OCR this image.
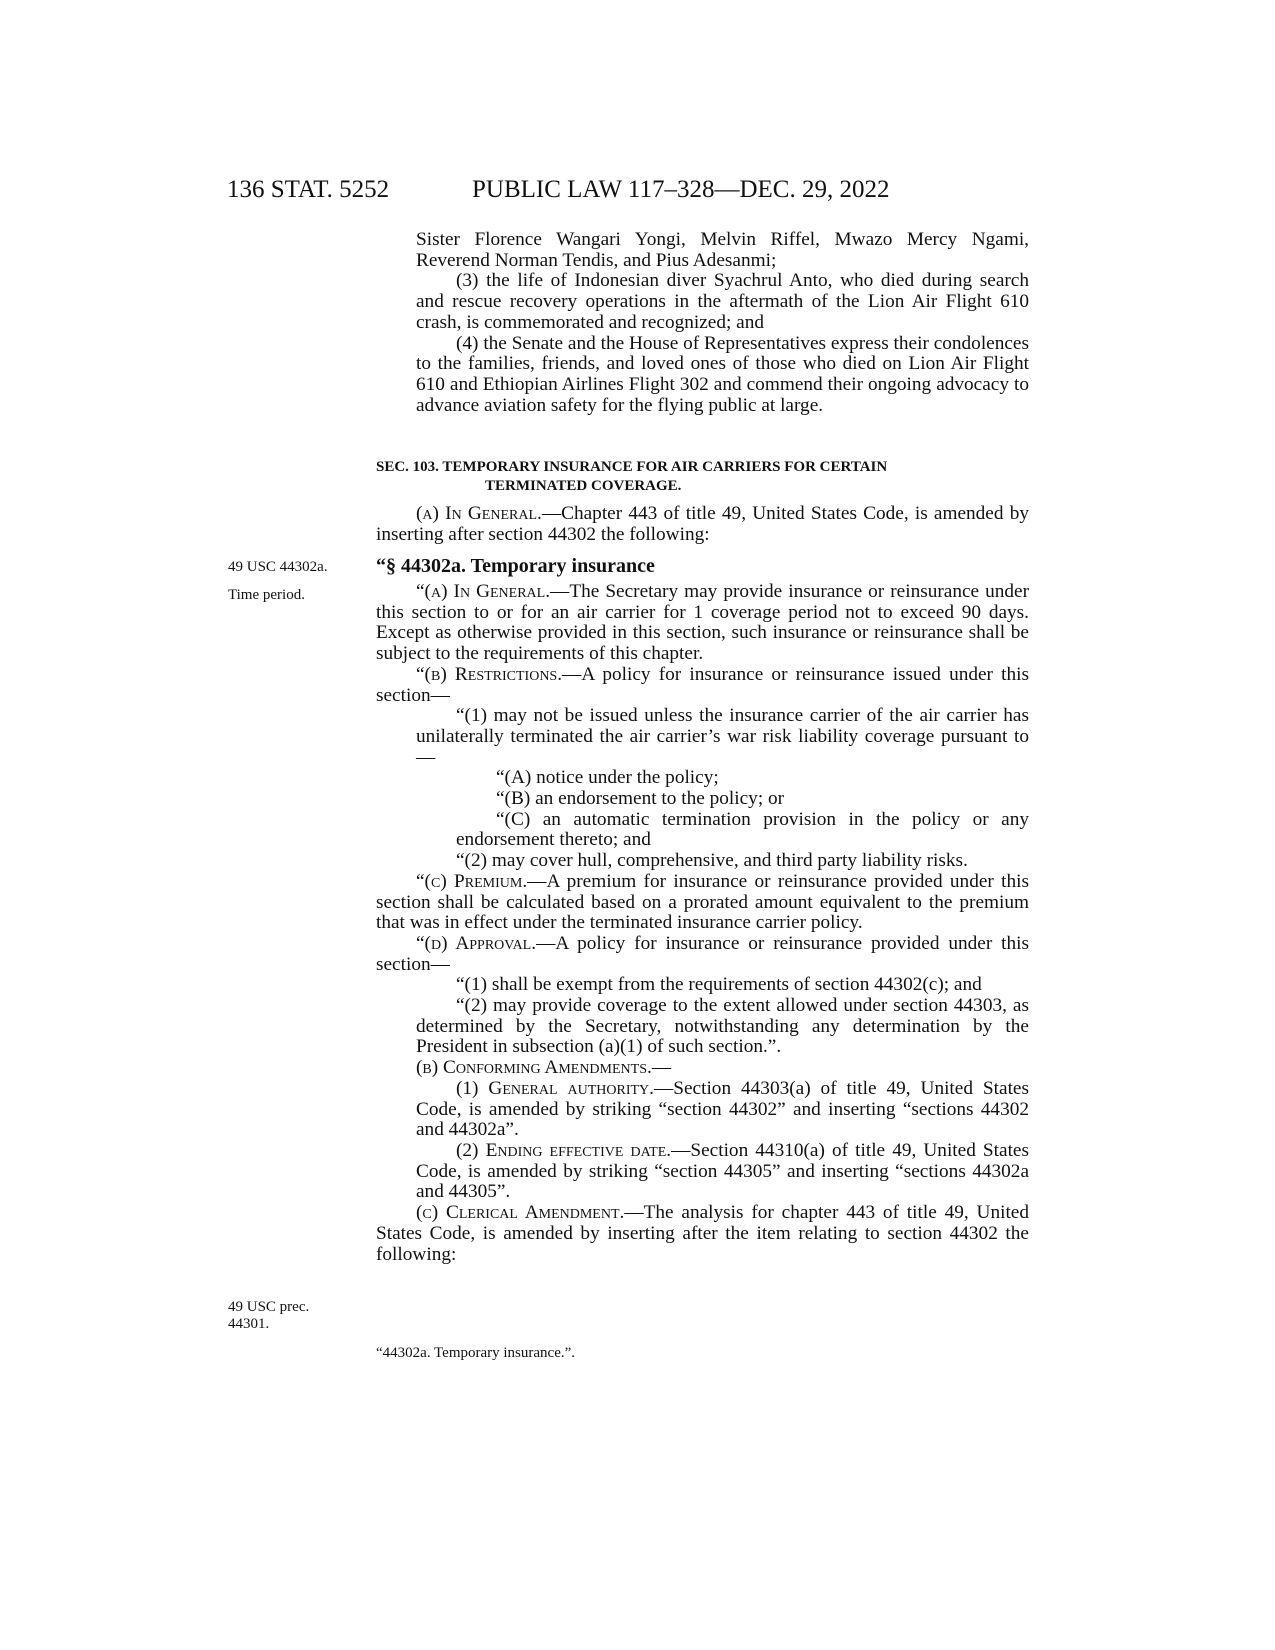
136 STAT. 5252	PUBLIC LAW 117–328—DEC. 29, 2022

Sister Florence Wangari Yongi, Melvin Riffel, Mwazo Mercy Ngami, Reverend Norman Tendis, and Pius Adesanmi;

(3) the life of Indonesian diver Syachrul Anto, who died during search and rescue recovery operations in the aftermath of the Lion Air Flight 610 crash, is commemorated and recognized; and

(4) the Senate and the House of Representatives express their condolences to the families, friends, and loved ones of those who died on Lion Air Flight 610 and Ethiopian Airlines Flight 302 and commend their ongoing advocacy to advance aviation safety for the flying public at large.

SEC. 103. TEMPORARY INSURANCE FOR AIR CARRIERS FOR CERTAIN
TERMINATED COVERAGE.

(a) In General.—Chapter 443 of title 49, United States Code, is amended by inserting after section 44302 the following:

49 USC 44302a. “§ 44302a. Temporary insurance
Time period.	“(a) In General.—The Secretary may provide insurance or reinsurance under this section to or for an air carrier for 1 coverage period not to exceed 90 days. Except as otherwise provided in this section, such insurance or reinsurance shall be subject to the requirements of this chapter.

“(b) Restrictions.—A policy for insurance or reinsurance issued under this section—

“(1) may not be issued unless the insurance carrier of the air carrier has unilaterally terminated the air carrier’s war risk liability coverage pursuant to—

“(A) notice under the policy;

“(B) an endorsement to the policy; or

“(C) an automatic termination provision in the policy or any endorsement thereto; and

“(2) may cover hull, comprehensive, and third party liability risks.

“(c) Premium.—A premium for insurance or reinsurance provided under this section shall be calculated based on a prorated amount equivalent to the premium that was in effect under the terminated insurance carrier policy.

“(d) Approval.—A policy for insurance or reinsurance provided under this section—

“(1) shall be exempt from the requirements of section 44302(c); and

“(2) may provide coverage to the extent allowed under section 44303, as determined by the Secretary, notwithstanding any determination by the President in subsection (a)(1) of such section.”.

(b) Conforming Amendments.—

(1) General authority.—Section 44303(a) of title 49, United States Code, is amended by striking “section 44302” and inserting “sections 44302 and 44302a”.

(2) Ending effective date.—Section 44310(a) of title 49, United States Code, is amended by striking “section 44305” and inserting “sections 44302a and 44305”.

(c) Clerical Amendment.—The analysis for chapter 443 of title 49, United States Code, is amended by inserting after the item relating to section 44302 the following:

49 USC prec.
44301.
“44302a. Temporary insurance.”.
